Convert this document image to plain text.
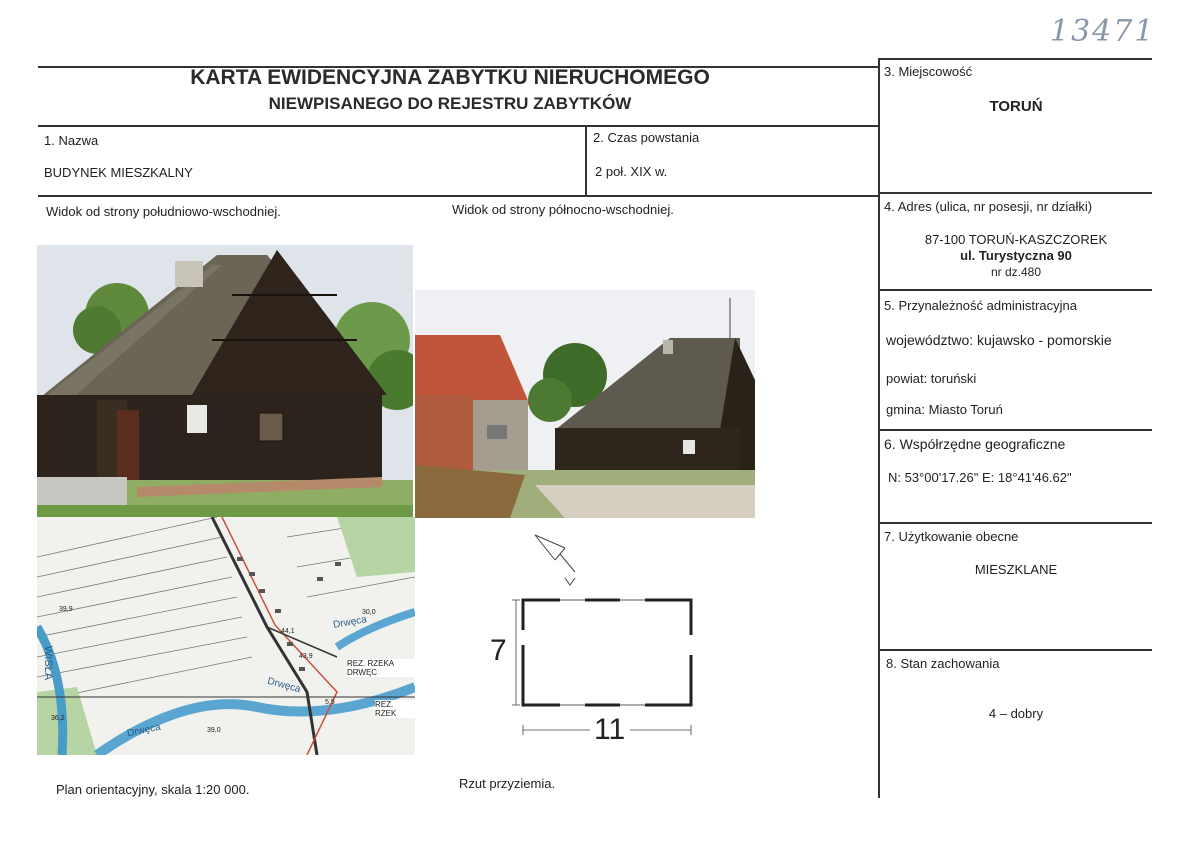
13471
KARTA EWIDENCYJNA ZABYTKU NIERUCHOMEGO
NIEWPISANEGO DO REJESTRU ZABYTKÓW
1. Nazwa
BUDYNEK MIESZKALNY
2. Czas powstania
2 poł. XIX w.
3. Miejscowość
TORUŃ
4. Adres (ulica, nr posesji, nr działki)
87-100 TORUŃ-KASZCZOREK
ul. Turystyczna 90
nr dz.480
5. Przynależność administracyjna
województwo: kujawsko - pomorskie
powiat: toruński
gmina: Miasto Toruń
6. Współrzędne geograficzne
N: 53°00'17.26" E: 18°41'46.62"
7. Użytkowanie obecne
MIESZKLANE
8. Stan zachowania
4 – dobry
Widok od strony południowo-wschodniej.	Widok od strony północno-wschodniej.
Drwęca
Drwęca
Drwęca
WISŁA	REZ. RZEKA DRWĘC
REZ. RZEK
39,9
44,1
43,9
39,0
30,0
36,2
5,5
7
11
Plan orientacyjny, skala 1:20 000.	Rzut przyziemia.
